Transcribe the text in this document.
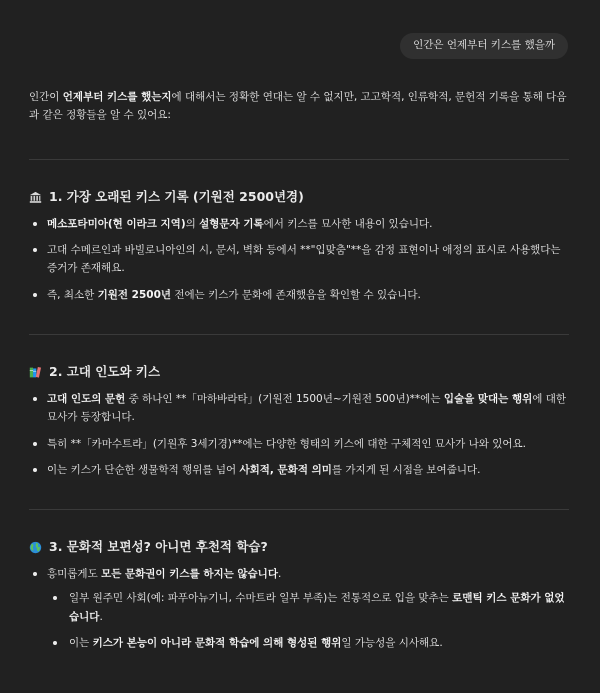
인간은 언제부터 키스를 했을까

인간이 언제부터 키스를 했는지에 대해서는 정확한 연대는 알 수 없지만, 고고학적, 인류학적, 문헌적 기록을 통해 다음과 같은 정황들을 알 수 있어요:

1. 가장 오래된 키스 기록 (기원전 2500년경)
메소포타미아(현 이라크 지역)의 설형문자 기록에서 키스를 묘사한 내용이 있습니다.
고대 수메르인과 바빌로니아인의 시, 문서, 벽화 등에서 **"입맞춤"**을 감정 표현이나 애정의 표시로 사용했다는 증거가 존재해요.
즉, 최소한 기원전 2500년 전에는 키스가 문화에 존재했음을 확인할 수 있습니다.
2. 고대 인도와 키스
고대 인도의 문헌 중 하나인 **「마하바라타」(기원전 1500년~기원전 500년)**에는 입술을 맞대는 행위에 대한 묘사가 등장합니다.
특히 **「카마수트라」(기원후 3세기경)**에는 다양한 형태의 키스에 대한 구체적인 묘사가 나와 있어요.
이는 키스가 단순한 생물학적 행위를 넘어 사회적, 문화적 의미를 가지게 된 시점을 보여줍니다.
3. 문화적 보편성? 아니면 후천적 학습?
흥미롭게도 모든 문화권이 키스를 하지는 않습니다.
일부 원주민 사회(예: 파푸아뉴기니, 수마트라 일부 부족)는 전통적으로 입을 맞추는 로맨틱 키스 문화가 없었습니다.
이는 키스가 본능이 아니라 문화적 학습에 의해 형성된 행위일 가능성을 시사해요.
